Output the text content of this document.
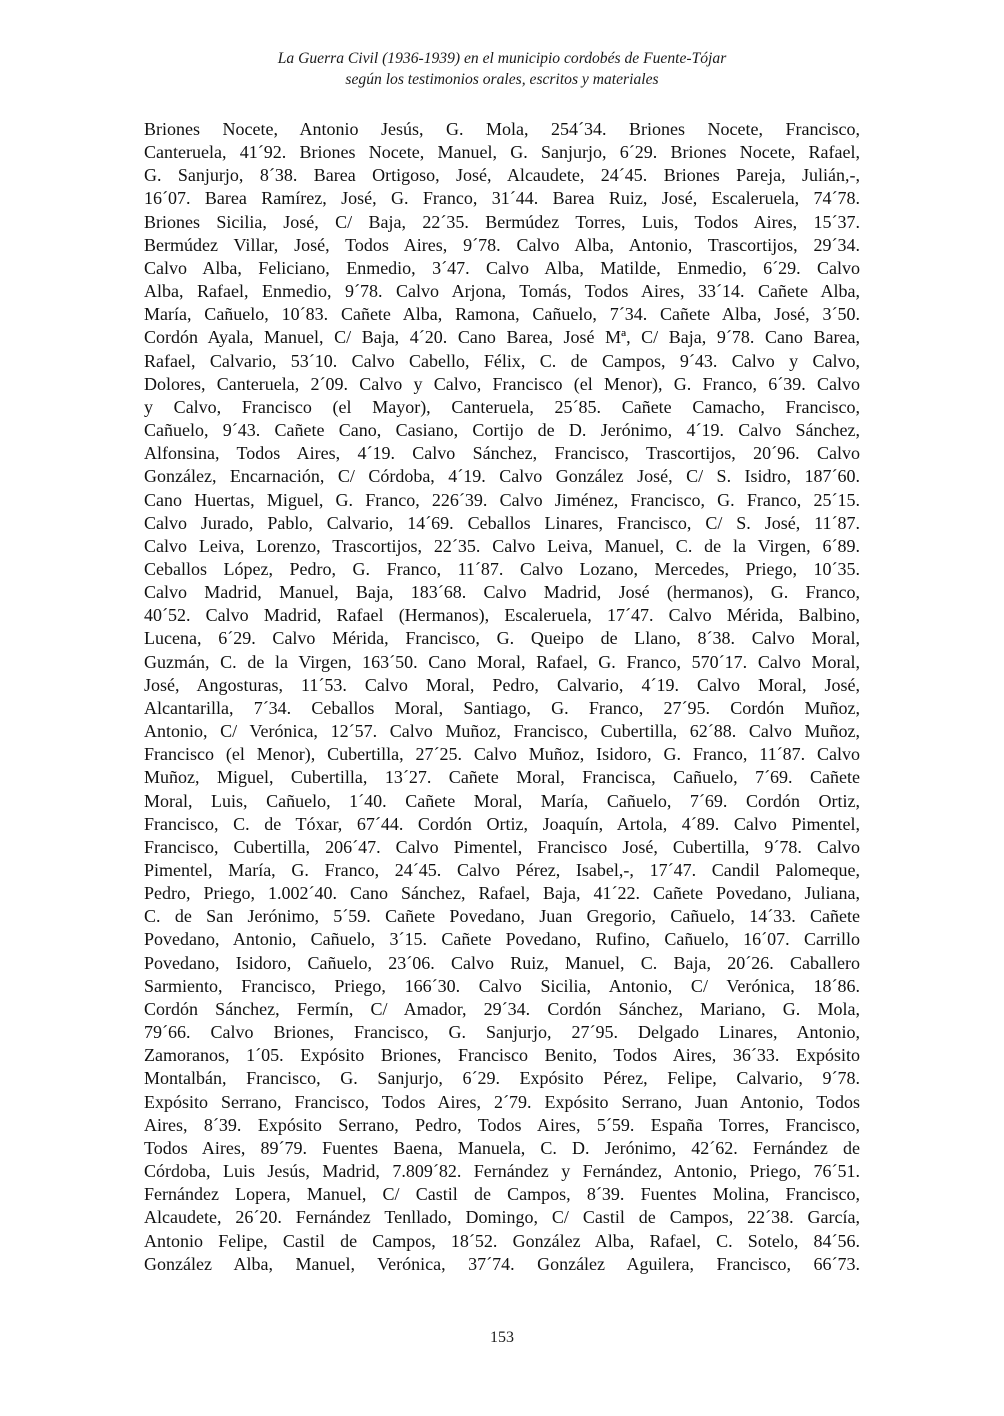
La Guerra Civil (1936-1939) en el municipio cordobés de Fuente-Tójar
según los testimonios orales, escritos y materiales
Briones Nocete, Antonio Jesús, G. Mola, 254´34. Briones Nocete, Francisco,
Canteruela, 41´92. Briones Nocete, Manuel, G. Sanjurjo, 6´29. Briones Nocete, Rafael,
G. Sanjurjo, 8´38. Barea Ortigoso, José, Alcaudete, 24´45. Briones Pareja, Julián,-,
16´07. Barea Ramírez, José, G. Franco, 31´44. Barea Ruiz, José, Escaleruela, 74´78.
Briones Sicilia, José, C/ Baja, 22´35. Bermúdez Torres, Luis, Todos Aires, 15´37.
Bermúdez Villar, José, Todos Aires, 9´78. Calvo Alba, Antonio, Trascortijos, 29´34.
Calvo Alba, Feliciano, Enmedio, 3´47. Calvo Alba, Matilde, Enmedio, 6´29. Calvo
Alba, Rafael, Enmedio, 9´78. Calvo Arjona, Tomás, Todos Aires, 33´14. Cañete Alba,
María, Cañuelo, 10´83. Cañete Alba, Ramona, Cañuelo, 7´34. Cañete Alba, José, 3´50.
Cordón Ayala, Manuel, C/ Baja, 4´20. Cano Barea, José Mª, C/ Baja, 9´78. Cano Barea,
Rafael, Calvario, 53´10. Calvo Cabello, Félix, C. de Campos, 9´43. Calvo y Calvo,
Dolores, Canteruela, 2´09. Calvo y Calvo, Francisco (el Menor), G. Franco, 6´39. Calvo
y Calvo, Francisco (el Mayor), Canteruela, 25´85. Cañete Camacho, Francisco,
Cañuelo, 9´43. Cañete Cano, Casiano, Cortijo de D. Jerónimo, 4´19. Calvo Sánchez,
Alfonsina, Todos Aires, 4´19. Calvo Sánchez, Francisco, Trascortijos, 20´96. Calvo
González, Encarnación, C/ Córdoba, 4´19. Calvo González José, C/ S. Isidro, 187´60.
Cano Huertas, Miguel, G. Franco, 226´39. Calvo Jiménez, Francisco, G. Franco, 25´15.
Calvo Jurado, Pablo, Calvario, 14´69. Ceballos Linares, Francisco, C/ S. José, 11´87.
Calvo Leiva, Lorenzo, Trascortijos, 22´35. Calvo Leiva, Manuel, C. de la Virgen, 6´89.
Ceballos López, Pedro, G. Franco, 11´87. Calvo Lozano, Mercedes, Priego, 10´35.
Calvo Madrid, Manuel, Baja, 183´68. Calvo Madrid, José (hermanos), G. Franco,
40´52. Calvo Madrid, Rafael (Hermanos), Escaleruela, 17´47. Calvo Mérida, Balbino,
Lucena, 6´29. Calvo Mérida, Francisco, G. Queipo de Llano, 8´38. Calvo Moral,
Guzmán, C. de la Virgen, 163´50. Cano Moral, Rafael, G. Franco, 570´17. Calvo Moral,
José, Angosturas, 11´53. Calvo Moral, Pedro, Calvario, 4´19. Calvo Moral, José,
Alcantarilla, 7´34. Ceballos Moral, Santiago, G. Franco, 27´95. Cordón Muñoz,
Antonio, C/ Verónica, 12´57. Calvo Muñoz, Francisco, Cubertilla, 62´88. Calvo Muñoz,
Francisco (el Menor), Cubertilla, 27´25. Calvo Muñoz, Isidoro, G. Franco, 11´87. Calvo
Muñoz, Miguel, Cubertilla, 13´27. Cañete Moral, Francisca, Cañuelo, 7´69. Cañete
Moral, Luis, Cañuelo, 1´40. Cañete Moral, María, Cañuelo, 7´69. Cordón Ortiz,
Francisco, C. de Tóxar, 67´44. Cordón Ortiz, Joaquín, Artola, 4´89. Calvo Pimentel,
Francisco, Cubertilla, 206´47. Calvo Pimentel, Francisco José, Cubertilla, 9´78. Calvo
Pimentel, María, G. Franco, 24´45. Calvo Pérez, Isabel,-, 17´47. Candil Palomeque,
Pedro, Priego, 1.002´40. Cano Sánchez, Rafael, Baja, 41´22. Cañete Povedano, Juliana,
C. de San Jerónimo, 5´59. Cañete Povedano, Juan Gregorio, Cañuelo, 14´33. Cañete
Povedano, Antonio, Cañuelo, 3´15. Cañete Povedano, Rufino, Cañuelo, 16´07. Carrillo
Povedano, Isidoro, Cañuelo, 23´06. Calvo Ruiz, Manuel, C. Baja, 20´26. Caballero
Sarmiento, Francisco, Priego, 166´30. Calvo Sicilia, Antonio, C/ Verónica, 18´86.
Cordón Sánchez, Fermín, C/ Amador, 29´34. Cordón Sánchez, Mariano, G. Mola,
79´66. Calvo Briones, Francisco, G. Sanjurjo, 27´95. Delgado Linares, Antonio,
Zamoranos, 1´05. Expósito Briones, Francisco Benito, Todos Aires, 36´33. Expósito
Montalbán, Francisco, G. Sanjurjo, 6´29. Expósito Pérez, Felipe, Calvario, 9´78.
Expósito Serrano, Francisco, Todos Aires, 2´79. Expósito Serrano, Juan Antonio, Todos
Aires, 8´39. Expósito Serrano, Pedro, Todos Aires, 5´59. España Torres, Francisco,
Todos Aires, 89´79. Fuentes Baena, Manuela, C. D. Jerónimo, 42´62. Fernández de
Córdoba, Luis Jesús, Madrid, 7.809´82. Fernández y Fernández, Antonio, Priego, 76´51.
Fernández Lopera, Manuel, C/ Castil de Campos, 8´39. Fuentes Molina, Francisco,
Alcaudete, 26´20. Fernández Tenllado, Domingo, C/ Castil de Campos, 22´38. García,
Antonio Felipe, Castil de Campos, 18´52. González Alba, Rafael, C. Sotelo, 84´56.
González Alba, Manuel, Verónica, 37´74. González Aguilera, Francisco, 66´73.
153
